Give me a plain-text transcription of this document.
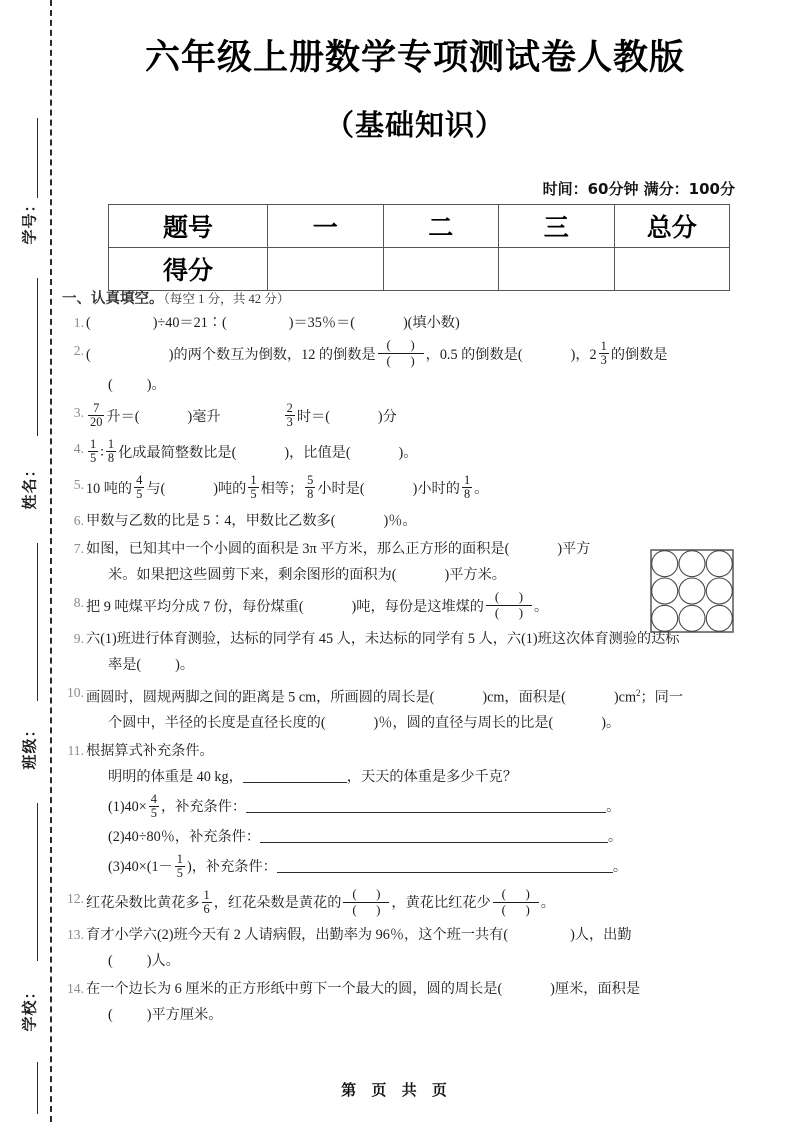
学号：
姓名：
班级：
学校：
六年级上册数学专项测试卷人教版
（基础知识）
时间：60分钟 满分：100分
题号	一	二	三	总分
得分				
一、认真填空。（每空 1 分，共 42 分）
1. (	)÷40＝21∶(	)＝35％＝(	)(填小数)
2. (	)的两个数互为倒数，12 的倒数是
(      )
(      ) ，0.5 的倒数是(	)，$2 \frac{1}{3}$ 的倒数是
( )。
3. $\frac{7}{20}$ 升＝(	)毫升	$\frac{2}{3}$ 时＝(	)分
4. $\frac{1}{5}$ ∶ $\frac{1}{8}$ 化成最简整数比是(	)，比值是(	)。
5. 10 吨的 $\frac{4}{5}$ 与(	)吨的 $\frac{1}{5}$ 相等； $\frac{5}{8}$ 小时是(	)小时的 $\frac{1}{8}$ 。
6. 甲数与乙数的比是 5∶4，甲数比乙数多(	)％。
7. 如图，已知其中一个小圆的面积是 3π 平方米，那么正方形的面积是(	)平方
米。如果把这些圆剪下来，剩余图形的面积为(	)平方米。
8. 把 9 吨煤平均分成 7 份，每份煤重(	)吨，每份是这堆煤的
(      )
(      ) 。
9. 六(1)班进行体育测验，达标的同学有 45 人，未达标的同学有 5 人，六(1)班这次体育测验的达标
率是( )。
10. 画圆时，圆规两脚之间的距离是 5 cm，所画圆的周长是(	)cm，面积是(	)$cm^2$；同一
个圆中，半径的长度是直径长度的(	)％，圆的直径与周长的比是(	)。
11. 根据算式补充条件。
明明的体重是 40 kg，	，天天的体重是多少千克？
$(1)40\times \frac{4}{5}$ ，补充条件：	。
(2)40÷80％，补充条件：	。
$(3)40\times(1- \frac{1}{5}$ )，补充条件：	。
12. 红花朵数比黄花多 $\frac{1}{6}$ ，红花朵数是黄花的
(      )
(      ) ，黄花比红花少
(      )
(      ) 。
13. 育才小学六(2)班今天有 2 人请病假，出勤率为 96％，这个班一共有(	)人，出勤
( )人。
14. 在一个边长为 6 厘米的正方形纸中剪下一个最大的圆，圆的周长是(	)厘米，面积是
( )平方厘米。
第 页 共 页
